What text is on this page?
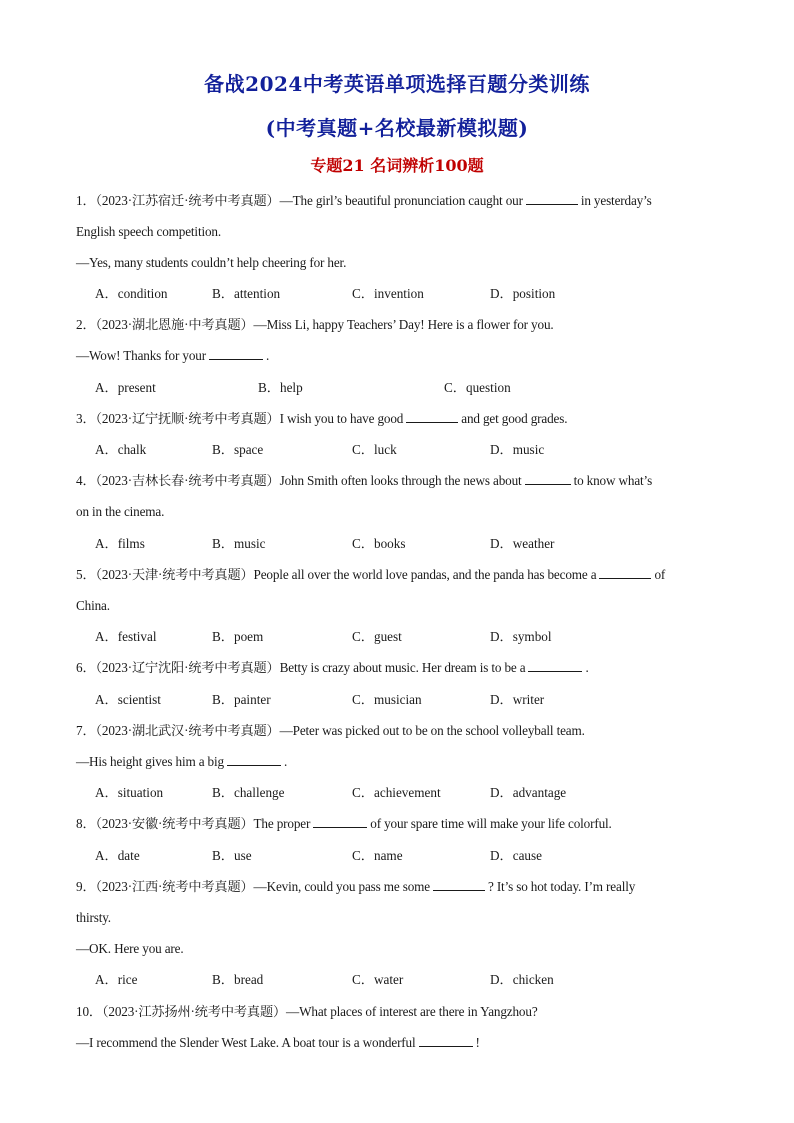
备战2024中考英语单项选择百题分类训练
(中考真题+名校最新模拟题)
专题21 名词辨析100题
1．（2023·江苏宿迁·统考中考真题）—The girl’s beautiful pronunciation caught our	in yesterday’s
English speech competition.
—Yes, many students couldn’t help cheering for her.
A．condition	B．attention	C．invention	D．position
2．（2023·湖北恩施·中考真题）—Miss Li, happy Teachers’ Day! Here is a flower for you.
—Wow! Thanks for your	.
A．present	B．help	C．question
3．（2023·辽宁抚顺·统考中考真题）I wish you to have good	and get good grades.
A．chalk	B．space	C．luck	D．music
4．（2023·吉林长春·统考中考真题）John Smith often looks through the news about	to know what’s
on in the cinema.
A．films	B．music	C．books	D．weather
5．（2023·天津·统考中考真题）People all over the world love pandas, and the panda has become a	of
China.
A．festival	B．poem	C．guest	D．symbol
6．（2023·辽宁沈阳·统考中考真题）Betty is crazy about music. Her dream is to be a	.
A．scientist	B．painter	C．musician	D．writer
7．（2023·湖北武汉·统考中考真题）—Peter was picked out to be on the school volleyball team.
—His height gives him a big	.
A．situation	B．challenge	C．achievement	D．advantage
8．（2023·安徽·统考中考真题）The proper	of your spare time will make your life colorful.
A．date	B．use	C．name	D．cause
9．（2023·江西·统考中考真题）—Kevin, could you pass me some	? It’s so hot today. I’m really
thirsty.
—OK. Here you are.
A．rice	B．bread	C．water	D．chicken
10．（2023·江苏扬州·统考中考真题）—What places of interest are there in Yangzhou?
—I recommend the Slender West Lake. A boat tour is a wonderful	!
